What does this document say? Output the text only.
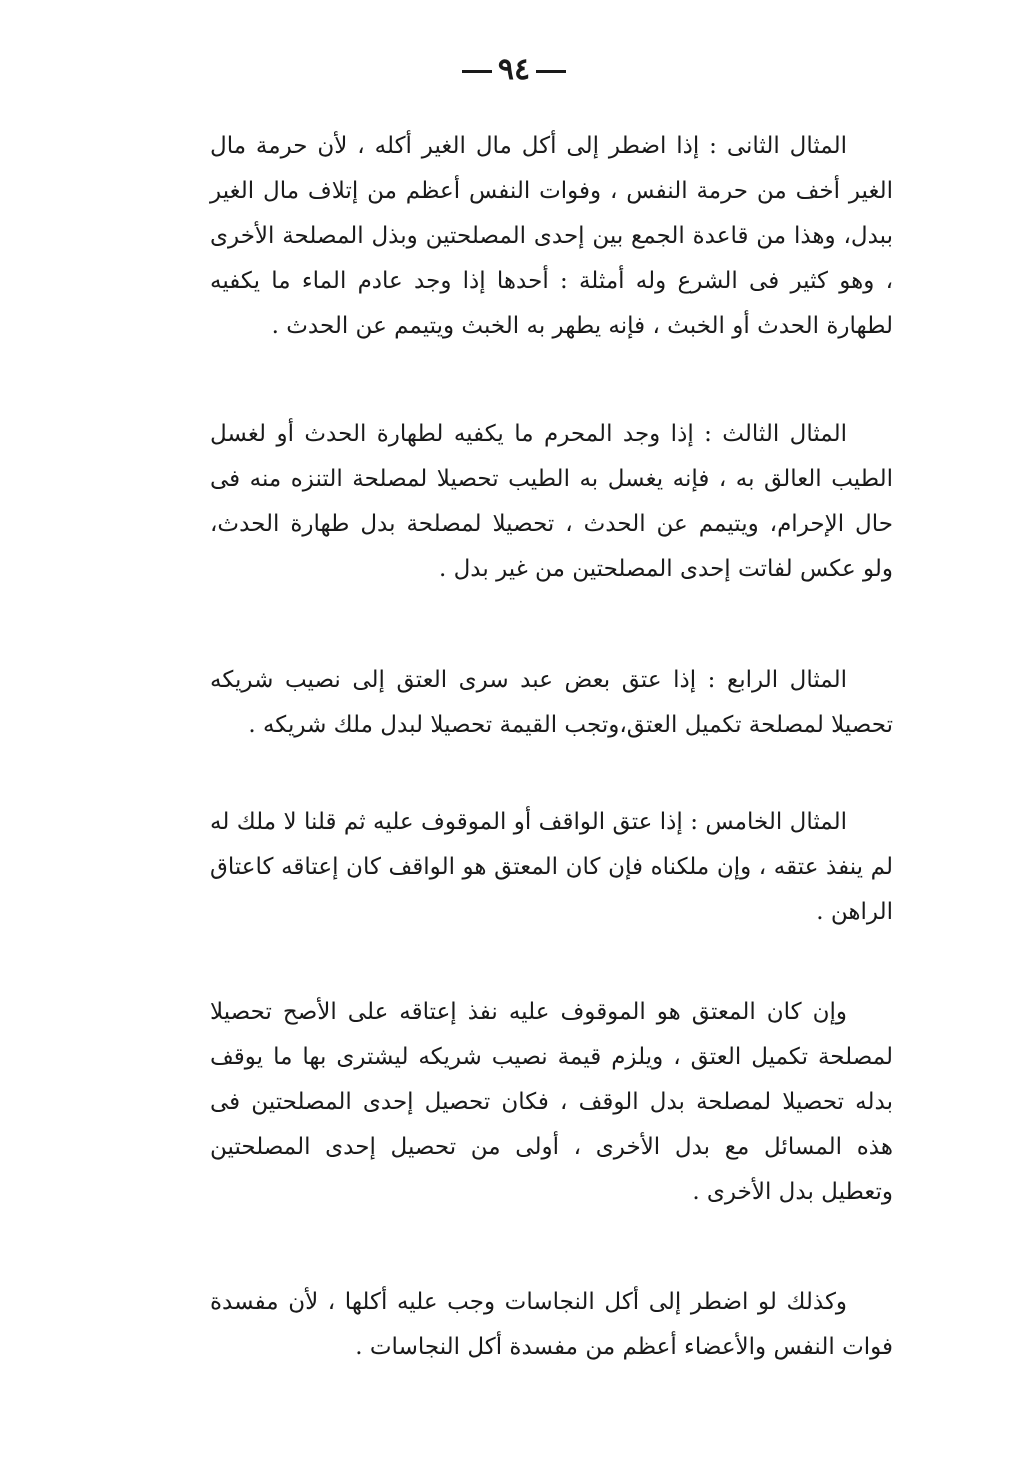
٩٤

المثال الثانى : إذا اضطر إلى أكل مال الغير أكله ، لأن حرمة مال الغير أخف من حرمة النفس ، وفوات النفس أعظم من إتلاف مال الغير ببدل، وهذا من قاعدة الجمع بين إحدى المصلحتين وبذل المصلحة الأخرى ، وهو كثير فى الشرع وله أمثلة : أحدها إذا وجد عادم الماء ما يكفيه لطهارة الحدث أو الخبث ، فإنه يطهر به الخبث ويتيمم عن الحدث .

المثال الثالث : إذا وجد المحرم ما يكفيه لطهارة الحدث أو لغسل الطيب العالق به ، فإنه يغسل به الطيب تحصيلا لمصلحة التنزه منه فى حال الإحرام، ويتيمم عن الحدث ، تحصيلا لمصلحة بدل طهارة الحدث، ولو عكس لفاتت إحدى المصلحتين من غير بدل .

المثال الرابع : إذا عتق بعض عبد سرى العتق إلى نصيب شريكه تحصيلا لمصلحة تكميل العتق،وتجب القيمة تحصيلا لبدل ملك شريكه .

المثال الخامس : إذا عتق الواقف أو الموقوف عليه ثم قلنا لا ملك له لم ينفذ عتقه ، وإن ملكناه فإن كان المعتق هو الواقف كان إعتاقه كاعتاق الراهن .

وإن كان المعتق هو الموقوف عليه نفذ إعتاقه على الأصح تحصيلا لمصلحة تكميل العتق ، ويلزم قيمة نصيب شريكه ليشترى بها ما يوقف بدله تحصيلا لمصلحة بدل الوقف ، فكان تحصيل إحدى المصلحتين فى هذه المسائل مع بدل الأخرى ، أولى من تحصيل إحدى المصلحتين وتعطيل بدل الأخرى .

وكذلك لو اضطر إلى أكل النجاسات وجب عليه أكلها ، لأن مفسدة فوات النفس والأعضاء أعظم من مفسدة أكل النجاسات .
